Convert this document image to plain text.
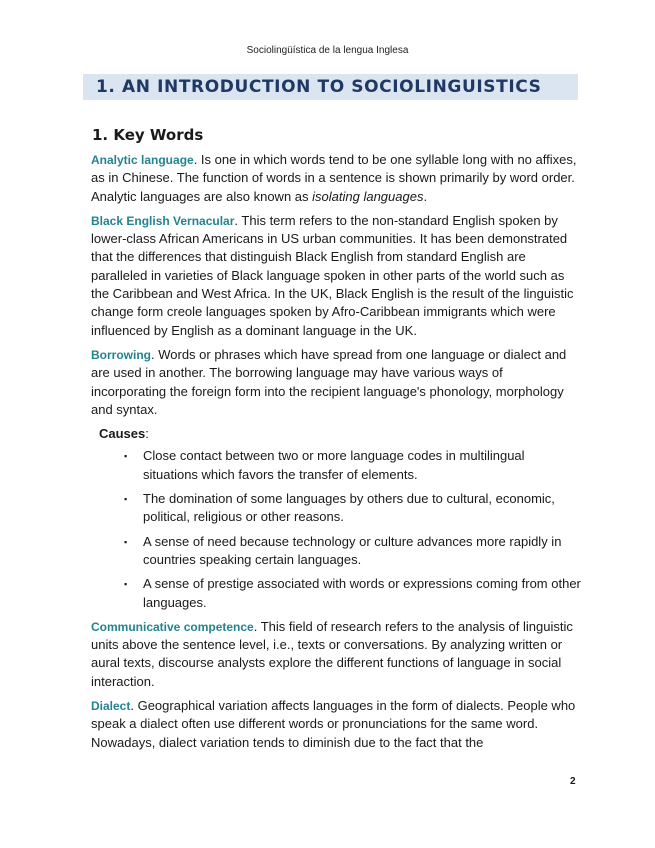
Sociolingüística de la lengua Inglesa
1. AN INTRODUCTION TO SOCIOLINGUISTICS
1. Key Words

Analytic language. Is one in which words tend to be one syllable long with no affixes, as in Chinese. The function of words in a sentence is shown primarily by word order. Analytic languages are also known as isolating languages.

Black English Vernacular. This term refers to the non-standard English spoken by lower-class African Americans in US urban communities. It has been demonstrated that the differences that distinguish Black English from standard English are paralleled in varieties of Black language spoken in other parts of the world such as the Caribbean and West Africa. In the UK, Black English is the result of the linguistic change form creole languages spoken by Afro-Caribbean immigrants which were influenced by English as a dominant language in the UK.

Borrowing. Words or phrases which have spread from one language or dialect and are used in another. The borrowing language may have various ways of incorporating the foreign form into the recipient language's phonology, morphology and syntax.

Causes:
▪ Close contact between two or more language codes in multilingual situations which favors the transfer of elements.
▪ The domination of some languages by others due to cultural, economic, political, religious or other reasons.
▪ A sense of need because technology or culture advances more rapidly in countries speaking certain languages.
▪ A sense of prestige associated with words or expressions coming from other languages.

Communicative competence. This field of research refers to the analysis of linguistic units above the sentence level, i.e., texts or conversations. By analyzing written or aural texts, discourse analysts explore the different functions of language in social interaction.

Dialect. Geographical variation affects languages in the form of dialects. People who speak a dialect often use different words or pronunciations for the same word. Nowadays, dialect variation tends to diminish due to the fact that the

2
